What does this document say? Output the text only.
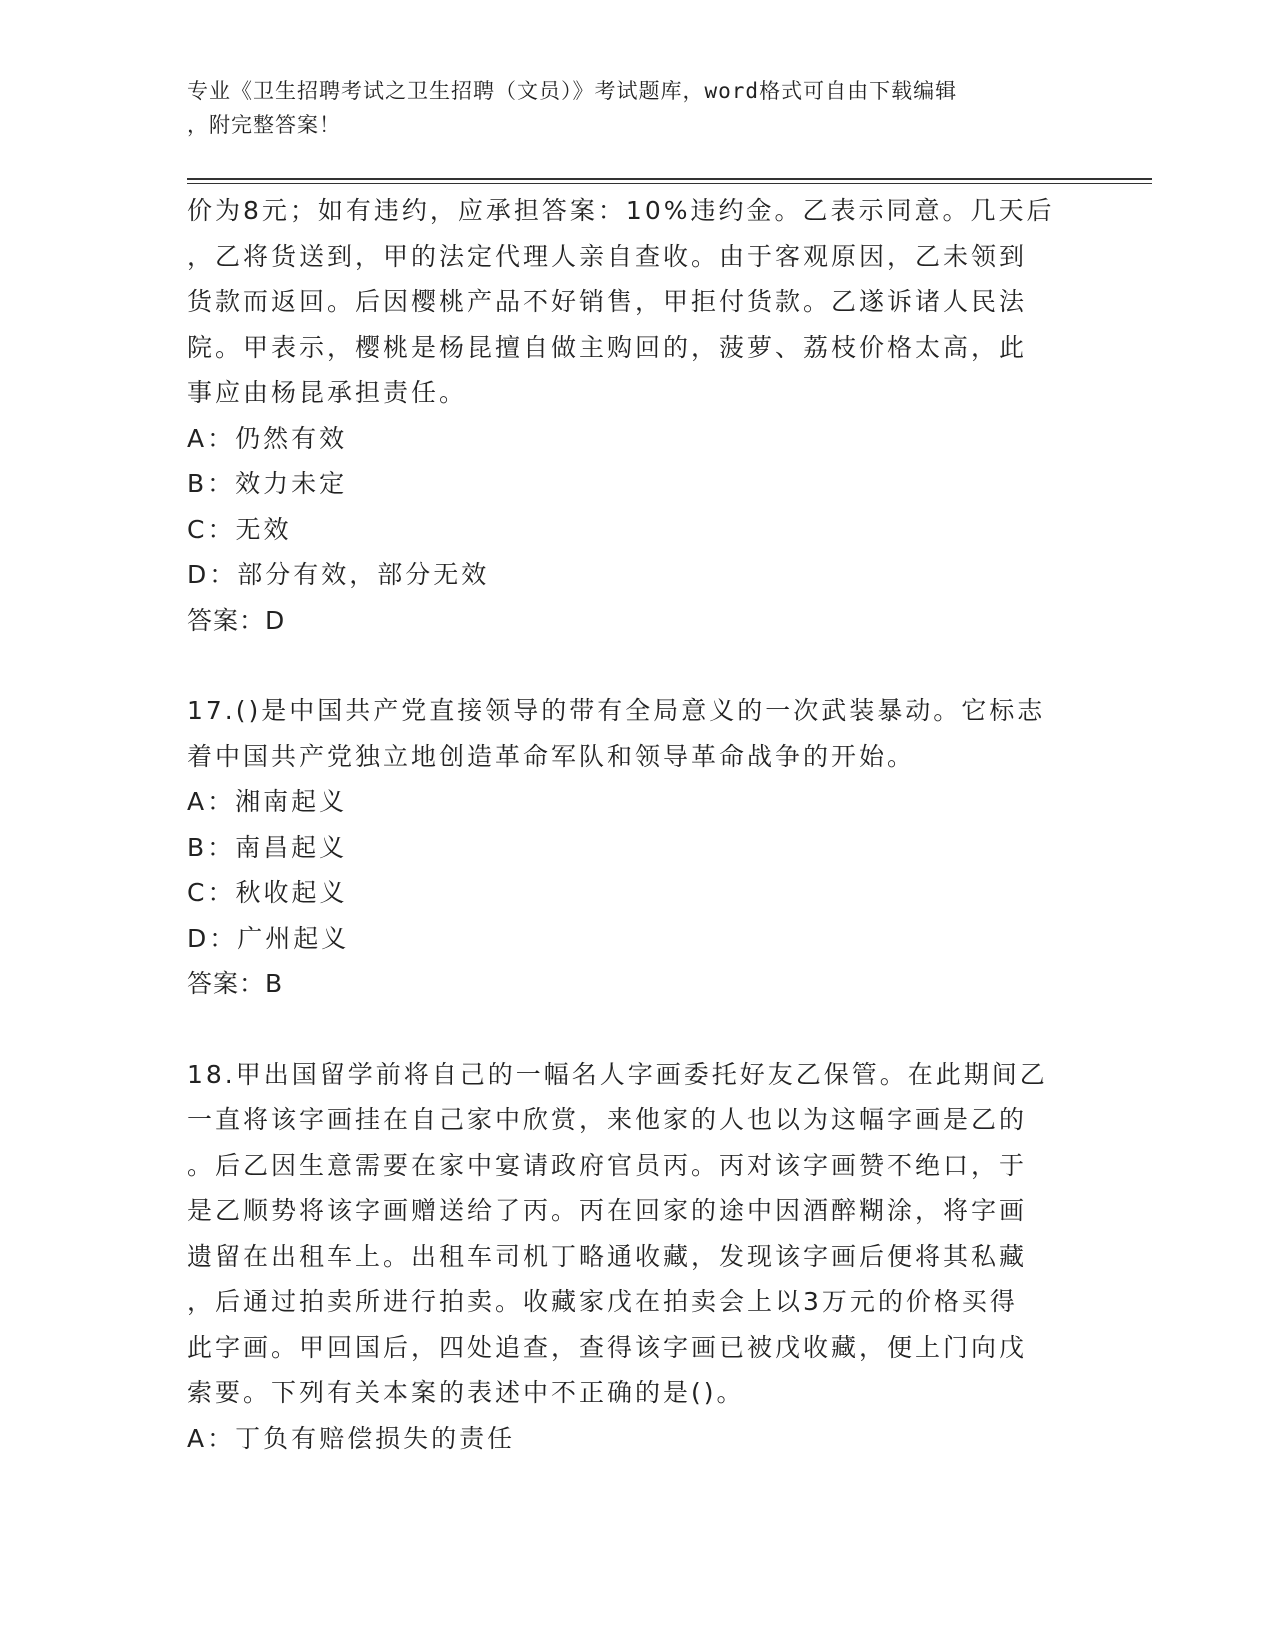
专业《卫生招聘考试之卫生招聘（文员）》考试题库，word格式可自由下载编辑
，附完整答案！
价为8元；如有违约，应承担答案：10%违约金。乙表示同意。几天后
，乙将货送到，甲的法定代理人亲自查收。由于客观原因，乙未领到
货款而返回。后因樱桃产品不好销售，甲拒付货款。乙遂诉诸人民法
院。甲表示，樱桃是杨昆擅自做主购回的，菠萝、荔枝价格太高，此
事应由杨昆承担责任。
A：仍然有效
B：效力未定
C：无效
D：部分有效，部分无效
答案：D
17.()是中国共产党直接领导的带有全局意义的一次武装暴动。它标志
着中国共产党独立地创造革命军队和领导革命战争的开始。
A：湘南起义
B：南昌起义
C：秋收起义
D：广州起义
答案：B
18.甲出国留学前将自己的一幅名人字画委托好友乙保管。在此期间乙
一直将该字画挂在自己家中欣赏，来他家的人也以为这幅字画是乙的
。后乙因生意需要在家中宴请政府官员丙。丙对该字画赞不绝口，于
是乙顺势将该字画赠送给了丙。丙在回家的途中因酒醉糊涂，将字画
遗留在出租车上。出租车司机丁略通收藏，发现该字画后便将其私藏
，后通过拍卖所进行拍卖。收藏家戊在拍卖会上以3万元的价格买得
此字画。甲回国后，四处追查，查得该字画已被戊收藏，便上门向戊
索要。下列有关本案的表述中不正确的是()。
A：丁负有赔偿损失的责任
